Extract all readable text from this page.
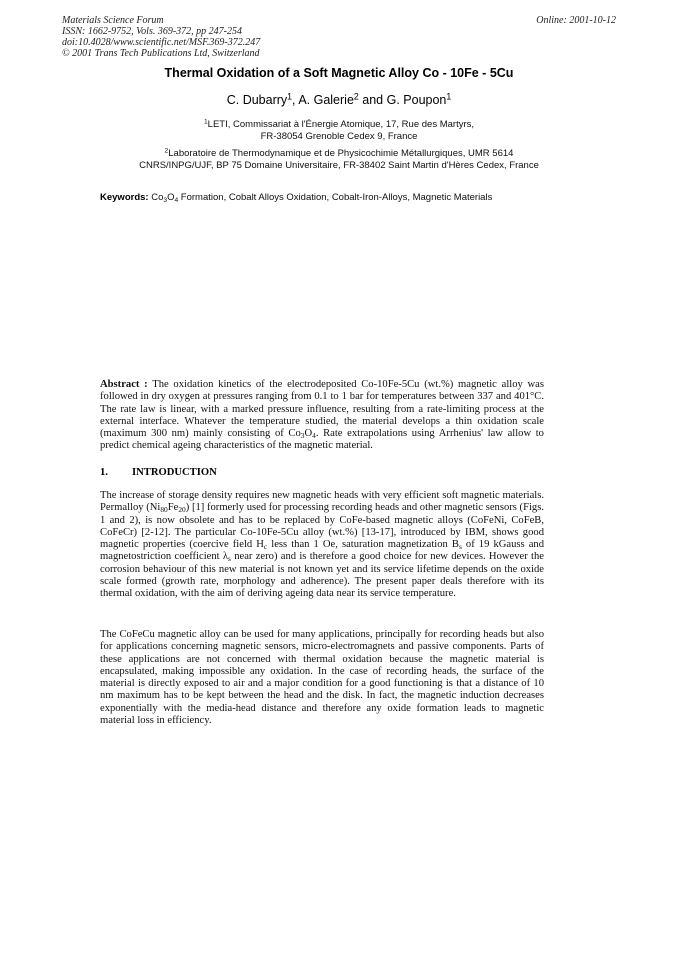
Materials Science Forum
ISSN: 1662-9752, Vols. 369-372, pp 247-254
doi:10.4028/www.scientific.net/MSF.369-372.247
© 2001 Trans Tech Publications Ltd, Switzerland
Online: 2001-10-12
Thermal Oxidation of a Soft Magnetic Alloy Co - 10Fe - 5Cu
C. Dubarry$^1$, A. Galerie$^2$ and G. Poupon$^1$
$^1$LETI, Commissariat à l'Énergie Atomique, 17, Rue des Martyrs,
FR-38054 Grenoble Cedex 9, France
$^2$Laboratoire de Thermodynamique et de Physicochimie Métallurgiques, UMR 5614
CNRS/INPG/UJF, BP 75 Domaine Universitaire, FR-38402 Saint Martin d'Hères Cedex, France
Keywords: $Co_3O_4$ Formation, Cobalt Alloys Oxidation, Cobalt-Iron-Alloys, Magnetic Materials
Abstract : The oxidation kinetics of the electrodeposited Co-10Fe-5Cu (wt.%) magnetic alloy was followed in dry oxygen at pressures ranging from 0.1 to 1 bar for temperatures between 337 and 401°C. The rate law is linear, with a marked pressure influence, resulting from a rate-limiting process at the external interface. Whatever the temperature studied, the material develops a thin oxidation scale (maximum 300 nm) mainly consisting of $Co_3O_4$. Rate extrapolations using Arrhenius' law allow to predict chemical ageing characteristics of the magnetic material.
1. INTRODUCTION
The increase of storage density requires new magnetic heads with very efficient soft magnetic materials. Permalloy $(Ni_{80}Fe_{20})$ [1] formerly used for processing recording heads and other magnetic sensors (Figs. 1 and 2), is now obsolete and has to be replaced by CoFe-based magnetic alloys (CoFeNi, CoFeB, CoFeCr) [2-12]. The particular Co-10Fe-5Cu alloy (wt.%) [13-17], introduced by IBM, shows good magnetic properties (coercive field $H_c$ less than 1 Oe, saturation magnetization $B_s$ of 19 kGauss and magnetostriction coefficient $\lambda_s$ near zero) and is therefore a good choice for new devices. However the corrosion behaviour of this new material is not known yet and its service lifetime depends on the oxide scale formed (growth rate, morphology and adherence). The present paper deals therefore with its thermal oxidation, with the aim of deriving ageing data near its service temperature.
The CoFeCu magnetic alloy can be used for many applications, principally for recording heads but also for applications concerning magnetic sensors, micro-electromagnets and passive components. Parts of these applications are not concerned with thermal oxidation because the magnetic material is encapsulated, making impossible any oxidation. In the case of recording heads, the surface of the material is directly exposed to air and a major condition for a good functioning is that a distance of 10 nm maximum has to be kept between the head and the disk. In fact, the magnetic induction decreases exponentially with the media-head distance and therefore any oxide formation leads to magnetic material loss in efficiency.
